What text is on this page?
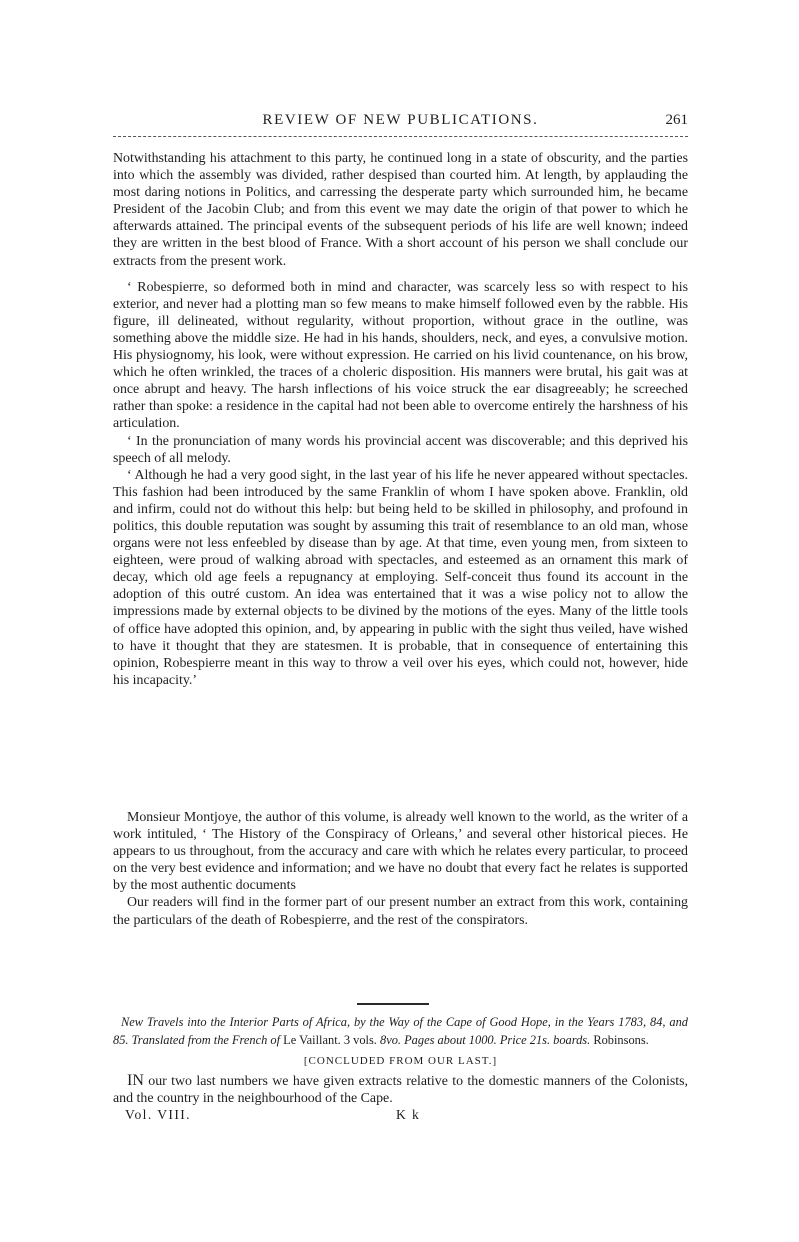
REVIEW OF NEW PUBLICATIONS.	261

Notwithstanding his attachment to this party, he continued long in a state of obscurity, and the parties into which the assembly was divided, rather despised than courted him. At length, by applauding the most daring notions in Politics, and carressing the desperate party which surrounded him, he became President of the Jacobin Club; and from this event we may date the origin of that power to which he afterwards attained. The principal events of the subsequent periods of his life are well known; indeed they are written in the best blood of France. With a short account of his person we shall conclude our extracts from the present work.

‘ Robespierre, so deformed both in mind and character, was scarcely less so with respect to his exterior, and never had a plotting man so few means to make himself followed even by the rabble. His figure, ill delineated, without regularity, without proportion, without grace in the outline, was something above the middle size. He had in his hands, shoulders, neck, and eyes, a convulsive motion. His physiognomy, his look, were without expression. He carried on his livid countenance, on his brow, which he often wrinkled, the traces of a choleric disposition. His manners were brutal, his gait was at once abrupt and heavy. The harsh inflections of his voice struck the ear disagreeably; he screeched rather than spoke: a residence in the capital had not been able to overcome entirely the harshness of his articulation.

‘ In the pronunciation of many words his provincial accent was discoverable; and this deprived his speech of all melody.

‘ Although he had a very good sight, in the last year of his life he never appeared without spectacles. This fashion had been introduced by the same Franklin of whom I have spoken above. Franklin, old and infirm, could not do without this help: but being held to be skilled in philosophy, and profound in politics, this double reputation was sought by assuming this trait of resemblance to an old man, whose organs were not less enfeebled by disease than by age. At that time, even young men, from sixteen to eighteen, were proud of walking abroad with spectacles, and esteemed as an ornament this mark of decay, which old age feels a repugnancy at employing. Self-conceit thus found its account in the adoption of this outré custom. An idea was entertained that it was a wise policy not to allow the impressions made by external objects to be divined by the motions of the eyes. Many of the little tools of office have adopted this opinion, and, by appearing in public with the sight thus veiled, have wished to have it thought that they are statesmen. It is probable, that in consequence of entertaining this opinion, Robespierre meant in this way to throw a veil over his eyes, which could not, however, hide his incapacity.’

Monsieur Montjoye, the author of this volume, is already well known to the world, as the writer of a work intituled, ‘ The History of the Conspiracy of Orleans,’ and several other historical pieces. He appears to us throughout, from the accuracy and care with which he relates every particular, to proceed on the very best evidence and information; and we have no doubt that every fact he relates is supported by the most authentic documents

Our readers will find in the former part of our present number an extract from this work, containing the particulars of the death of Robespierre, and the rest of the conspirators.

New Travels into the Interior Parts of Africa, by the Way of the Cape of Good Hope, in the Years 1783, 84, and 85. Translated from the French of Le Vaillant. 3 vols. 8vo. Pages about 1000. Price 21s. boards. Robinsons.
[CONCLUDED FROM OUR LAST.]

IN our two last numbers we have given extracts relative to the domestic manners of the Colonists, and the country in the neighbourhood of the Cape.

Vol. VIII.	K k
